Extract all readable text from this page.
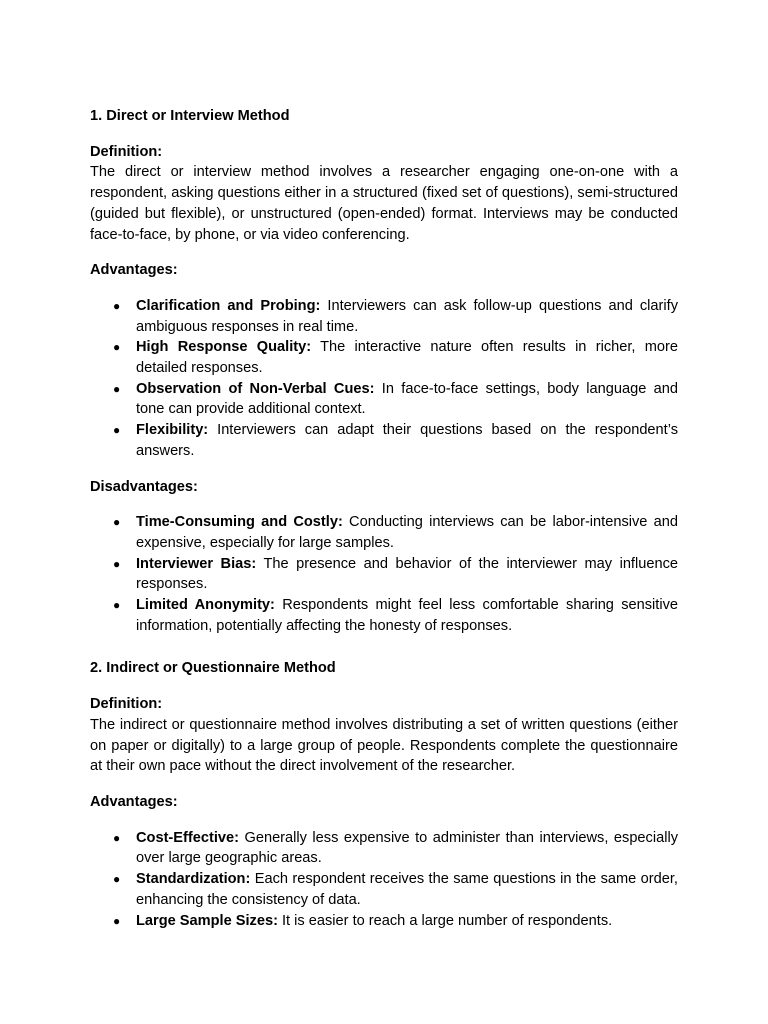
1. Direct or Interview Method

Definition:

The direct or interview method involves a researcher engaging one-on-one with a respondent, asking questions either in a structured (fixed set of questions), semi-structured (guided but flexible), or unstructured (open-ended) format. Interviews may be conducted face-to-face, by phone, or via video conferencing.

Advantages:

● Clarification and Probing: Interviewers can ask follow-up questions and clarify ambiguous responses in real time.
● High Response Quality: The interactive nature often results in richer, more detailed responses.
● Observation of Non-Verbal Cues: In face-to-face settings, body language and tone can provide additional context.
● Flexibility: Interviewers can adapt their questions based on the respondent’s answers.

Disadvantages:

● Time-Consuming and Costly: Conducting interviews can be labor-intensive and expensive, especially for large samples.
● Interviewer Bias: The presence and behavior of the interviewer may influence responses.
● Limited Anonymity: Respondents might feel less comfortable sharing sensitive information, potentially affecting the honesty of responses.

2. Indirect or Questionnaire Method

Definition:

The indirect or questionnaire method involves distributing a set of written questions (either on paper or digitally) to a large group of people. Respondents complete the questionnaire at their own pace without the direct involvement of the researcher.

Advantages:

● Cost-Effective: Generally less expensive to administer than interviews, especially over large geographic areas.
● Standardization: Each respondent receives the same questions in the same order, enhancing the consistency of data.
● Large Sample Sizes: It is easier to reach a large number of respondents.
